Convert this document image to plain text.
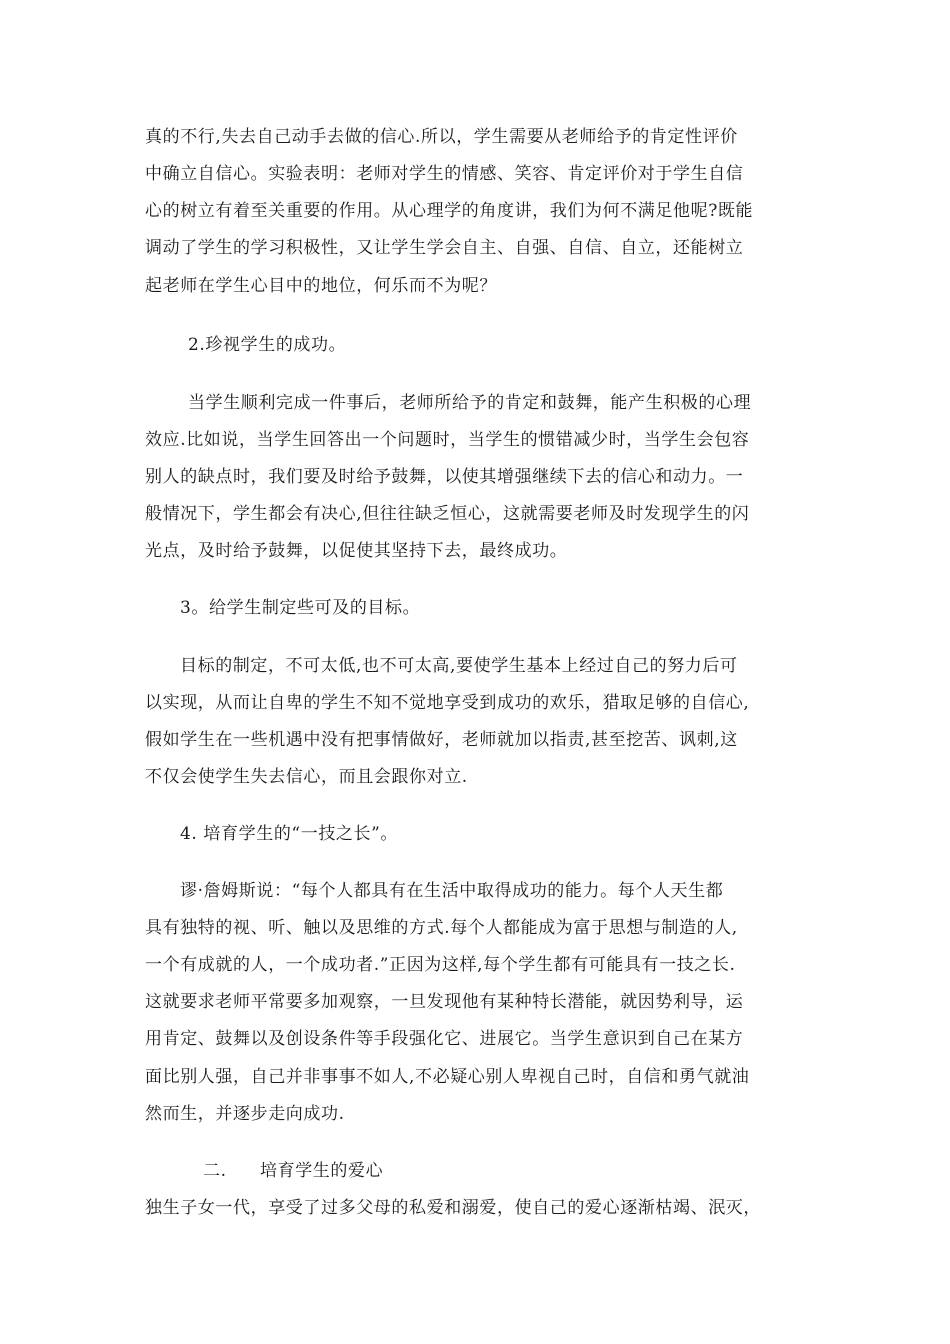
真的不行,失去自己动手去做的信心.所以，学生需要从老师给予的肯定性评价
中确立自信心。实验表明：老师对学生的情感、笑容、肯定评价对于学生自信
心的树立有着至关重要的作用。从心理学的角度讲，我们为何不满足他呢?既能
调动了学生的学习积极性，又让学生学会自主、自强、自信、自立，还能树立
起老师在学生心目中的地位，何乐而不为呢？
2.珍视学生的成功。
当学生顺利完成一件事后，老师所给予的肯定和鼓舞，能产生积极的心理
效应.比如说，当学生回答出一个问题时，当学生的惯错减少时，当学生会包容
别人的缺点时，我们要及时给予鼓舞，以使其增强继续下去的信心和动力。一
般情况下，学生都会有决心,但往往缺乏恒心，这就需要老师及时发现学生的闪
光点，及时给予鼓舞，以促使其坚持下去，最终成功。
3。给学生制定些可及的目标。
目标的制定，不可太低,也不可太高,要使学生基本上经过自己的努力后可
以实现，从而让自卑的学生不知不觉地享受到成功的欢乐，猎取足够的自信心,
假如学生在一些机遇中没有把事情做好，老师就加以指责,甚至挖苦、讽刺,这
不仅会使学生失去信心，而且会跟你对立.
4. 培育学生的“一技之长”。
谬·詹姆斯说：“每个人都具有在生活中取得成功的能力。每个人天生都
具有独特的视、听、触以及思维的方式.每个人都能成为富于思想与制造的人,
一个有成就的人，一个成功者.”正因为这样,每个学生都有可能具有一技之长.
这就要求老师平常要多加观察，一旦发现他有某种特长潜能，就因势利导，运
用肯定、鼓舞以及创设条件等手段强化它、进展它。当学生意识到自己在某方
面比别人强，自己并非事事不如人,不必疑心别人卑视自己时，自信和勇气就油
然而生，并逐步走向成功.
二. 培育学生的爱心
独生子女一代，享受了过多父母的私爱和溺爱，使自己的爱心逐渐枯竭、泯灭，
